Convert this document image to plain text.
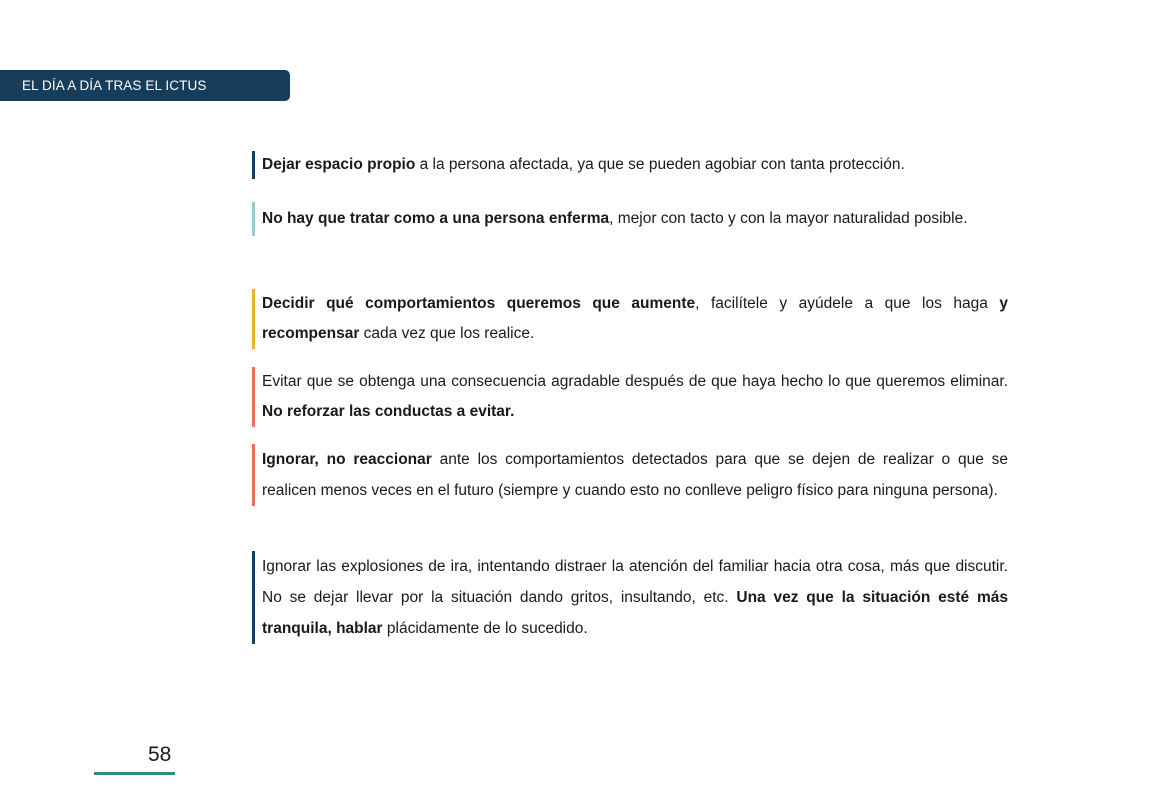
EL DÍA A DÍA TRAS EL ICTUS

Dejar espacio propio a la persona afectada, ya que se pueden agobiar con tanta protección.

No hay que tratar como a una persona enferma, mejor con tacto y con la mayor naturalidad posible.

Decidir qué comportamientos queremos que aumente, facilítele y ayúdele a que los haga y recompensar cada vez que los realice.

Evitar que se obtenga una consecuencia agradable después de que haya hecho lo que queremos eliminar. No reforzar las conductas a evitar.

Ignorar, no reaccionar ante los comportamientos detectados para que se dejen de realizar o que se realicen menos veces en el futuro (siempre y cuando esto no conlleve peligro físico para ninguna persona).

Ignorar las explosiones de ira, intentando distraer la atención del familiar hacia otra cosa, más que discutir. No se dejar llevar por la situación dando gritos, insultando, etc. Una vez que la situación esté más tranquila, hablar plácidamente de lo sucedido.

58
